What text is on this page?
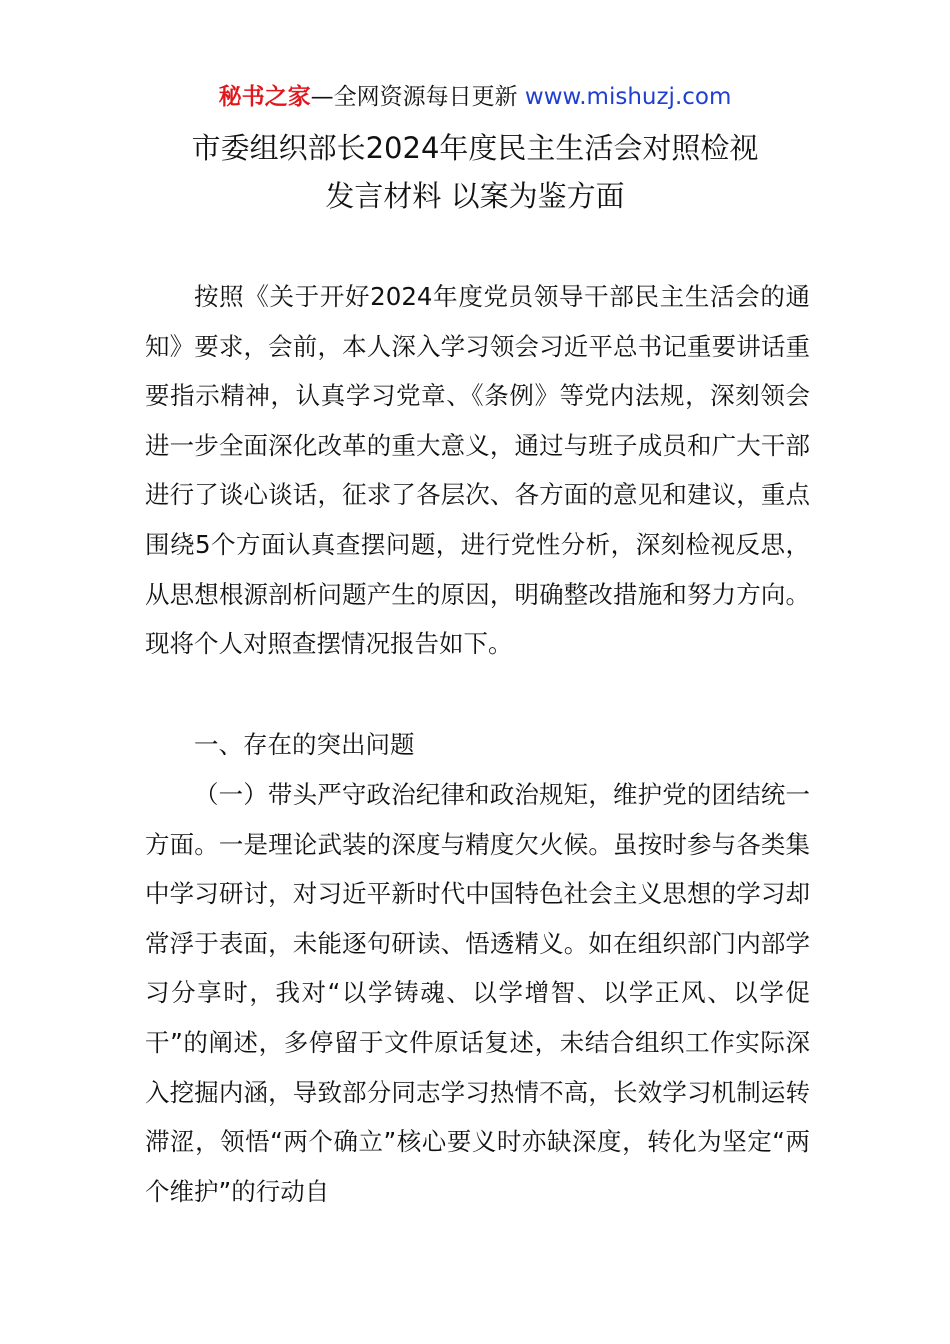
秘书之家—全网资源每日更新 www.mishuzj.com
市委组织部长2024年度民主生活会对照检视
发言材料 以案为鉴方面

按照《关于开好2024年度党员领导干部民主生活会的通知》要求，会前，本人深入学习领会习近平总书记重要讲话重要指示精神，认真学习党章、《条例》等党内法规，深刻领会进一步全面深化改革的重大意义，通过与班子成员和广大干部进行了谈心谈话，征求了各层次、各方面的意见和建议，重点围绕5个方面认真查摆问题，进行党性分析，深刻检视反思，从思想根源剖析问题产生的原因，明确整改措施和努力方向。现将个人对照查摆情况报告如下。

一、存在的突出问题

（一）带头严守政治纪律和政治规矩，维护党的团结统一方面。一是理论武装的深度与精度欠火候。虽按时参与各类集中学习研讨，对习近平新时代中国特色社会主义思想的学习却常浮于表面，未能逐句研读、悟透精义。如在组织部门内部学习分享时，我对“以学铸魂、以学增智、以学正风、以学促干”的阐述，多停留于文件原话复述，未结合组织工作实际深入挖掘内涵，导致部分同志学习热情不高，长效学习机制运转滞涩，领悟“两个确立”核心要义时亦缺深度，转化为坚定“两个维护”的行动自
